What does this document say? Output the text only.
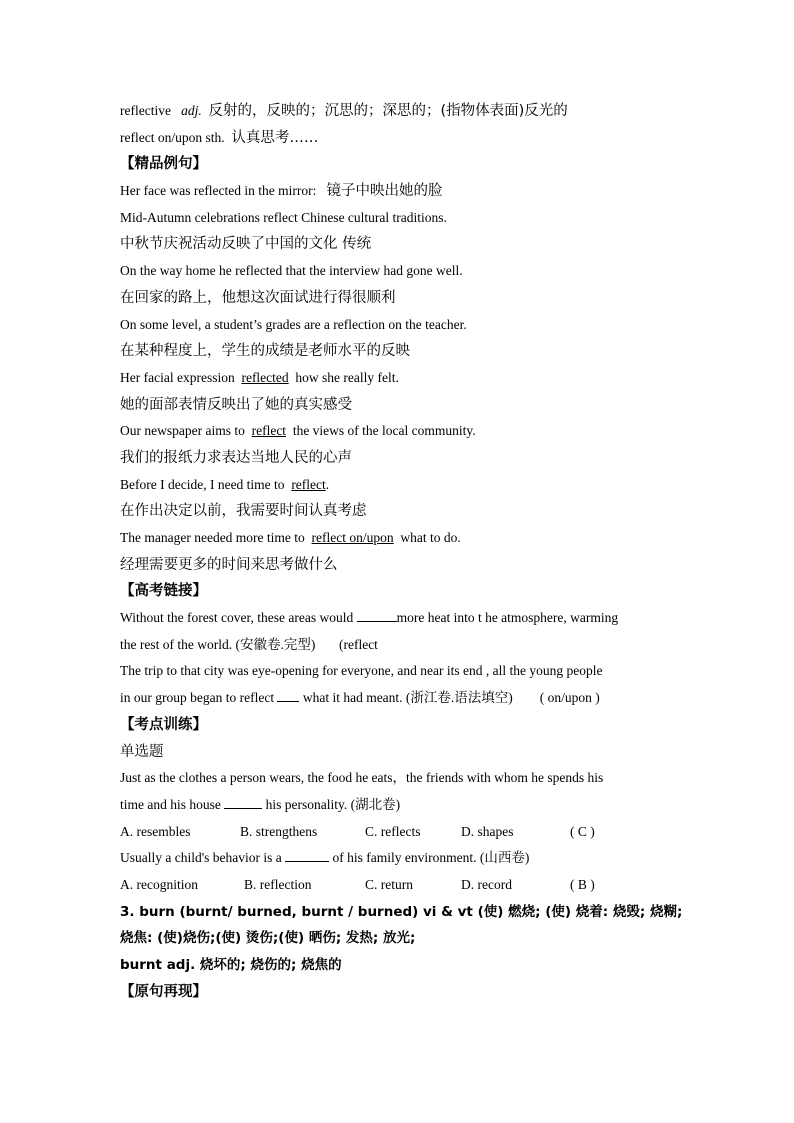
reflective adj. 反射的，反映的；沉思的；深思的；(指物体表面)反光的
reflect on/upon sth. 认真思考……
【精品例句】
Her face was reflected in the mirror: 镜子中映出她的脸
Mid-Autumn celebrations reflect Chinese cultural traditions.
中秋节庆祝活动反映了中国的文化 传统
On the way home he reflected that the interview had gone well.
在回家的路上，他想这次面试进行得很顺利
On some level, a student’s grades are a reflection on the teacher.
在某种程度上，学生的成绩是老师水平的反映
Her facial expression reflected how she really felt.
她的面部表情反映出了她的真实感受
Our newspaper aims to reflect the views of the local community.
我们的报纸力求表达当地人民的心声
Before I decide, I need time to reflect.
在作出决定以前，我需要时间认真考虑
The manager needed more time to reflect on/upon what to do.
经理需要更多的时间来思考做什么
【高考链接】
Without the forest cover, these areas would	more heat into t he atmosphere, warming
the rest of the world. (安徽卷.完型) (reflect
The trip to that city was eye-opening for everyone, and near its end , all the young people
in our group began to reflect what it had meant. (浙江卷.语法填空) ( on/upon )
【考点训练】
单选题
Just as the clothes a person wears, the food he eats，the friends with whom he spends his
time and his house	his personality. (湖北卷)
A. resembles	B. strengthens	C. reflects	D. shapes	( C )
Usually a child's behavior is a	of his family environment. (山西卷)
A. recognition	B. reflection	C. return	D. record	( B )
3. burn (burnt/ burned, burnt / burned) vi & vt (使) 燃烧; (使) 烧着: 烧毁; 烧糊;
烧焦: (使)烧伤;(使) 烫伤;(使) 晒伤; 发热; 放光;
burnt adj. 烧坏的; 烧伤的; 烧焦的
【原句再现】
